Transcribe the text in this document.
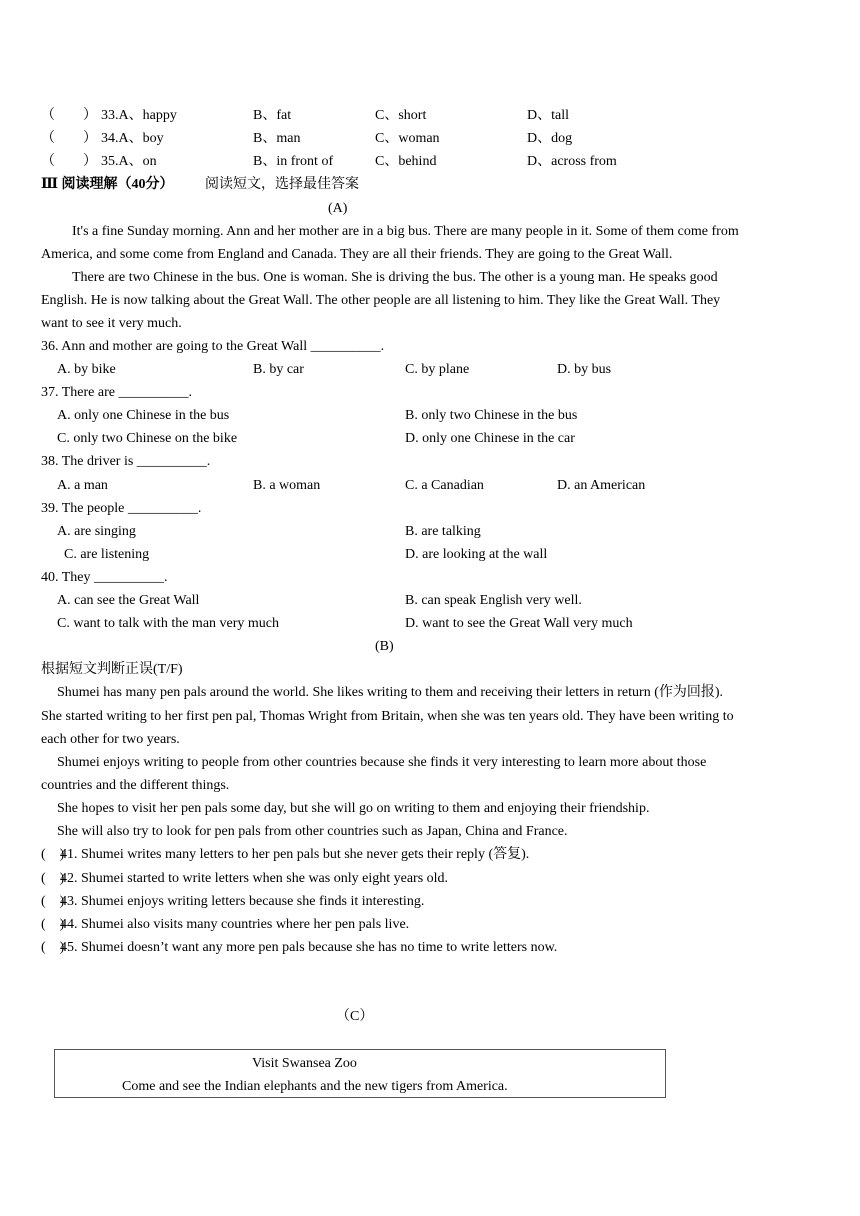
（　　） 33.A、happy	B、fat	C、short	D、tall
（　　） 34.A、boy	B、man	C、woman	D、dog
（　　） 35.A、on	B、in front of	C、behind	D、across from
Ⅲ 阅读理解（40分） 阅读短文，选择最佳答案
(A)
It's a fine Sunday morning. Ann and her mother are in a big bus. There are many people in it. Some of them come from
America, and some come from England and Canada. They are all their friends. They are going to the Great Wall.
There are two Chinese in the bus. One is woman. She is driving the bus. The other is a young man. He speaks good
English. He is now talking about the Great Wall. The other people are all listening to him. They like the Great Wall. They
want to see it very much.
36. Ann and mother are going to the Great Wall __________.
A. by bike	B. by car	C. by plane	D. by bus
37. There are __________.
A. only one Chinese in the bus	B. only two Chinese in the bus
C. only two Chinese on the bike	D. only one Chinese in the car
38. The driver is __________.
A. a man	B. a woman	C. a Canadian	D. an American
39. The people __________.
A. are singing	B. are talking
C. are listening	D. are looking at the wall
40. They __________.
A. can see the Great Wall	B. can speak English very well.
C. want to talk with the man very much	D. want to see the Great Wall very much
(B)
根据短文判断正误(T/F)
Shumei has many pen pals around the world. She likes writing to them and receiving their letters in return (作为回报).
She started writing to her first pen pal, Thomas Wright from Britain, when she was ten years old. They have been writing to
each other for two years.
Shumei enjoys writing to people from other countries because she finds it very interesting to learn more about those
countries and the different things.
She hopes to visit her pen pals some day, but she will go on writing to them and enjoying their friendship.
She will also try to look for pen pals from other countries such as Japan, China and France.
(　)
41. Shumei writes many letters to her pen pals but she never gets their reply (答复).
(　)
42. Shumei started to write letters when she was only eight years old.
(　)
43. Shumei enjoys writing letters because she finds it interesting.
(　)
44. Shumei also visits many countries where her pen pals live.
(　)
45. Shumei doesn’t want any more pen pals because she has no time to write letters now.
（C）
Visit Swansea Zoo
Come and see the Indian elephants and the new tigers from America.
